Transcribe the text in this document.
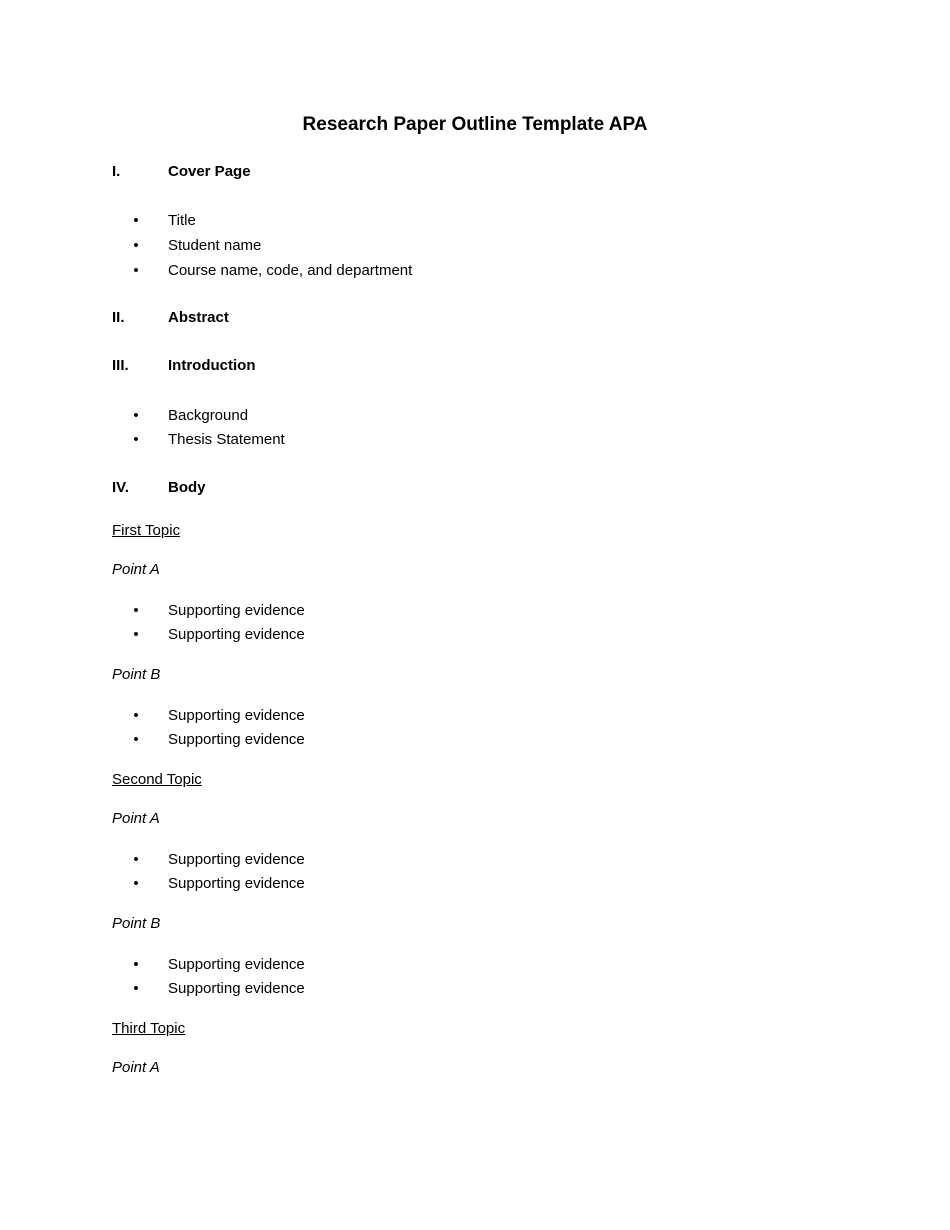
Research Paper Outline Template APA
I.	Cover Page
• Title
• Student name
• Course name, code, and department
II.	Abstract
III.	Introduction
• Background
• Thesis Statement
IV.	Body
First Topic
Point A
• Supporting evidence
• Supporting evidence
Point B
• Supporting evidence
• Supporting evidence
Second Topic
Point A
• Supporting evidence
• Supporting evidence
Point B
• Supporting evidence
• Supporting evidence
Third Topic
Point A
